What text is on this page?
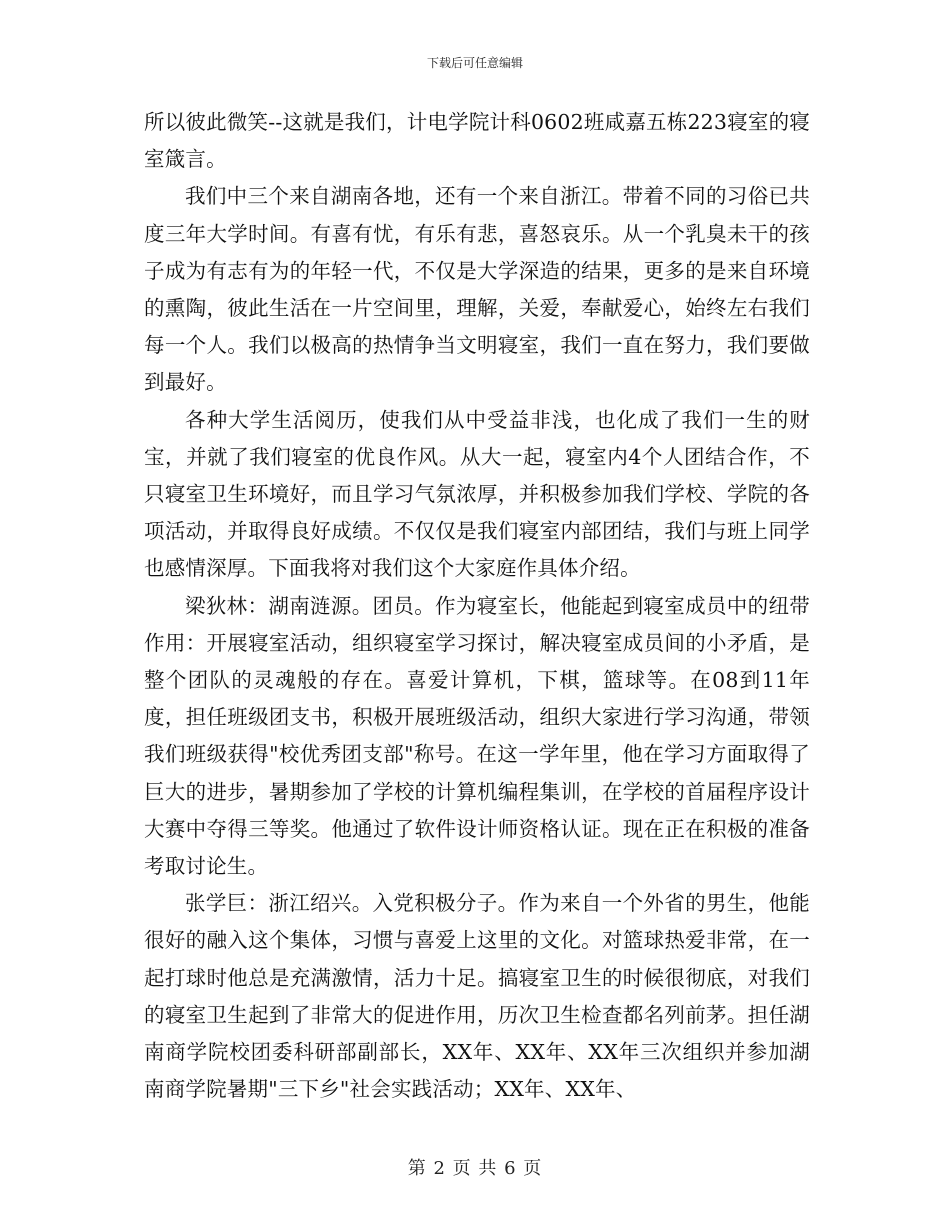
下载后可任意编辑

所以彼此微笑--这就是我们，计电学院计科0602班咸嘉五栋223寝室的寝室箴言。

我们中三个来自湖南各地，还有一个来自浙江。带着不同的习俗已共度三年大学时间。有喜有忧，有乐有悲，喜怒哀乐。从一个乳臭未干的孩子成为有志有为的年轻一代，不仅是大学深造的结果，更多的是来自环境的熏陶，彼此生活在一片空间里，理解，关爱，奉献爱心，始终左右我们每一个人。我们以极高的热情争当文明寝室，我们一直在努力，我们要做到最好。

各种大学生活阅历，使我们从中受益非浅，也化成了我们一生的财宝，并就了我们寝室的优良作风。从大一起，寝室内4个人团结合作，不只寝室卫生环境好，而且学习气氛浓厚，并积极参加我们学校、学院的各项活动，并取得良好成绩。不仅仅是我们寝室内部团结，我们与班上同学也感情深厚。下面我将对我们这个大家庭作具体介绍。

梁狄林：湖南涟源。团员。作为寝室长，他能起到寝室成员中的纽带作用：开展寝室活动，组织寝室学习探讨，解决寝室成员间的小矛盾，是整个团队的灵魂般的存在。喜爱计算机，下棋，篮球等。在08到11年度，担任班级团支书，积极开展班级活动，组织大家进行学习沟通，带领我们班级获得"校优秀团支部"称号。在这一学年里，他在学习方面取得了巨大的进步，暑期参加了学校的计算机编程集训，在学校的首届程序设计大赛中夺得三等奖。他通过了软件设计师资格认证。现在正在积极的准备考取讨论生。

张学巨：浙江绍兴。入党积极分子。作为来自一个外省的男生，他能很好的融入这个集体，习惯与喜爱上这里的文化。对篮球热爱非常，在一起打球时他总是充满激情，活力十足。搞寝室卫生的时候很彻底，对我们的寝室卫生起到了非常大的促进作用，历次卫生检查都名列前茅。担任湖南商学院校团委科研部副部长，XX年、XX年、XX年三次组织并参加湖南商学院暑期"三下乡"社会实践活动；XX年、XX年、

第 2 页 共 6 页
